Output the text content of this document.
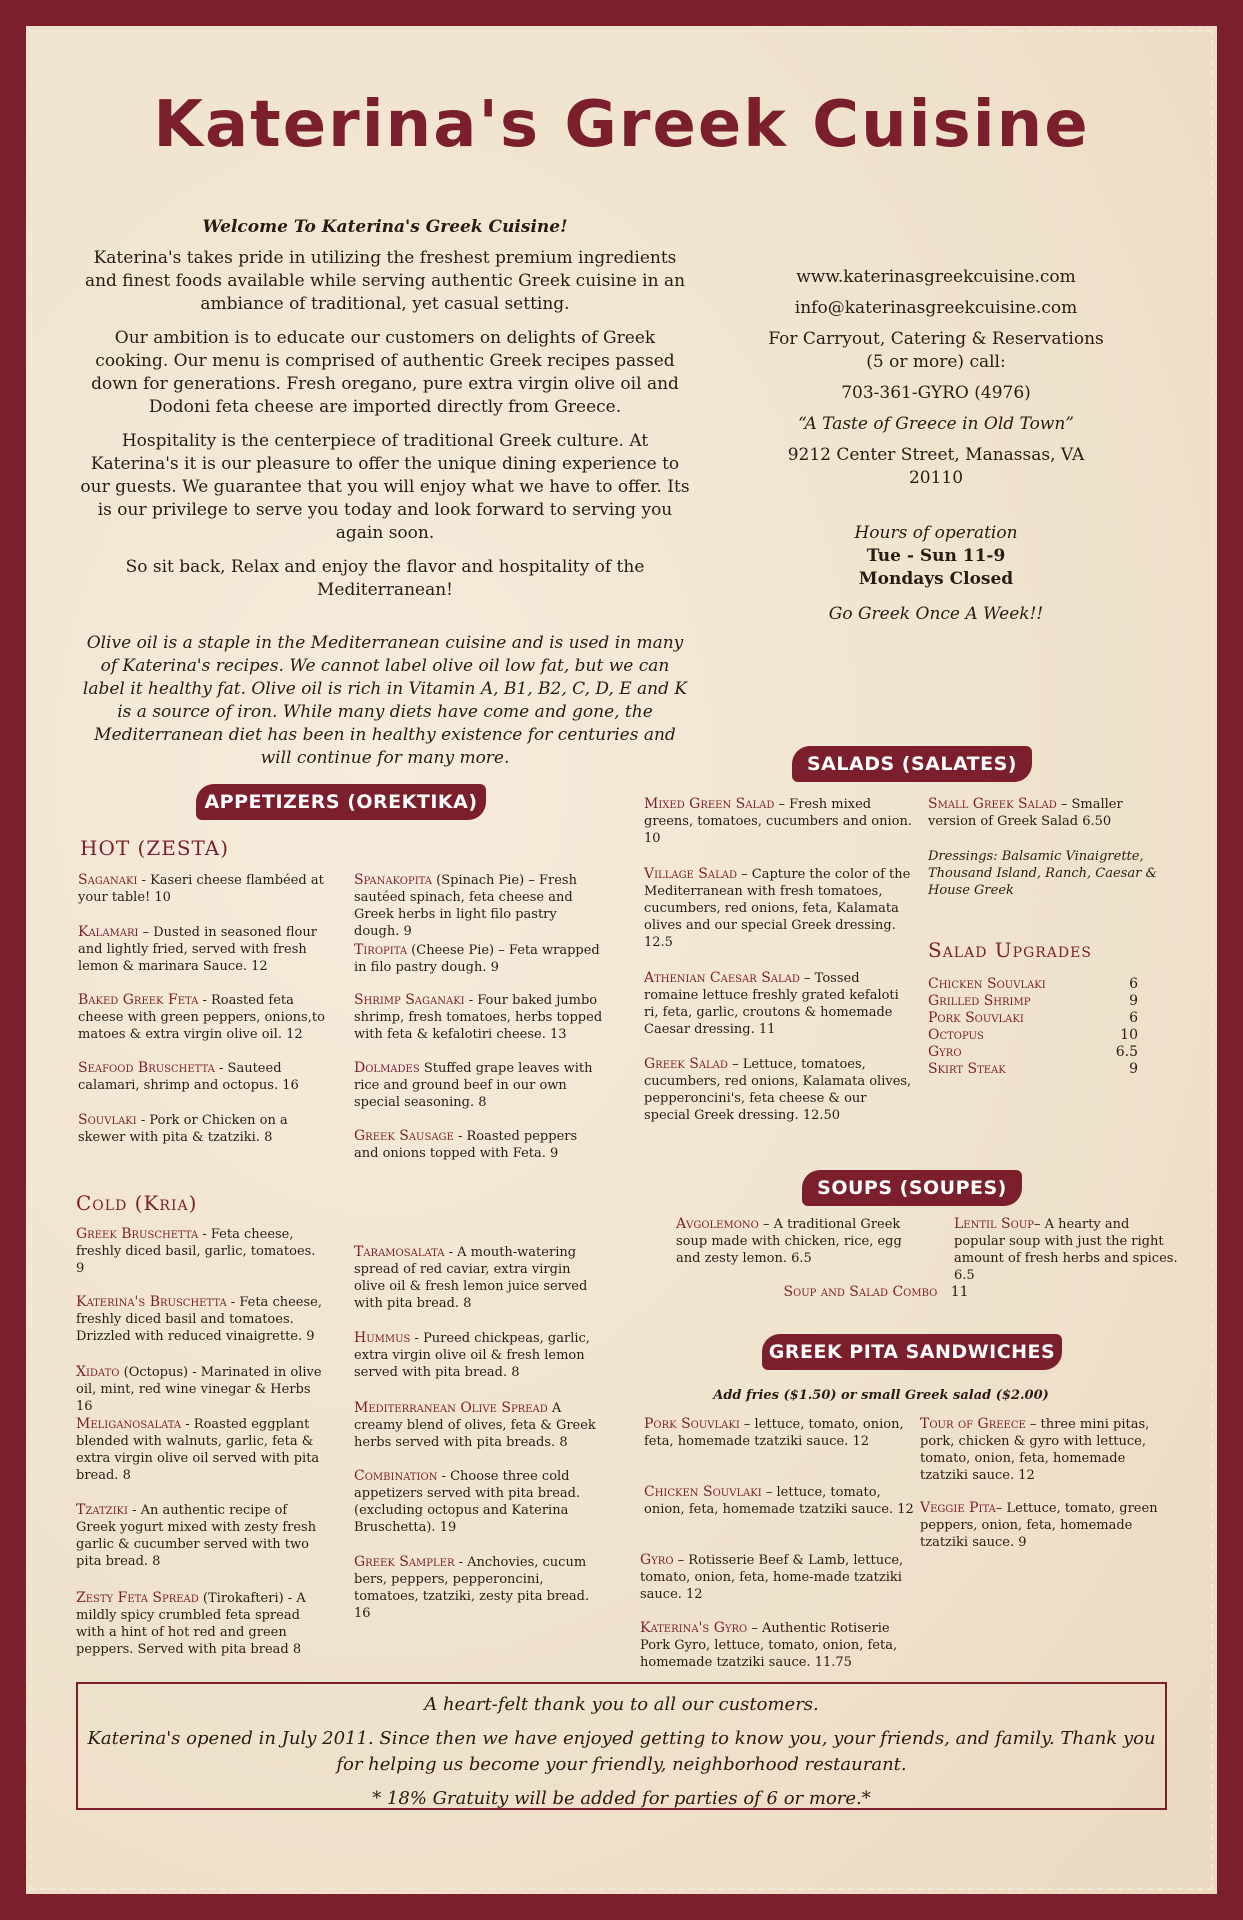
Katerina's Greek Cuisine
Welcome To Katerina's Greek Cuisine!

Katerina's takes pride in utilizing the freshest premium ingredients and finest foods available while serving authentic Greek cuisine in an ambiance of traditional, yet casual setting.

Our ambition is to educate our customers on delights of Greek cooking. Our menu is comprised of authentic Greek recipes passed down for generations. Fresh oregano, pure extra virgin olive oil and Dodoni feta cheese are imported directly from Greece.

Hospitality is the centerpiece of traditional Greek culture. At Katerina's it is our pleasure to offer the unique dining experience to our guests. We guarantee that you will enjoy what we have to offer. Its is our privilege to serve you today and look forward to serving you again soon.

So sit back, Relax and enjoy the flavor and hospitality of the Mediterranean!

Olive oil is a staple in the Mediterranean cuisine and is used in many of Katerina's recipes. We cannot label olive oil low fat, but we can label it healthy fat. Olive oil is rich in Vitamin A, B1, B2, C, D, E and K is a source of iron. While many diets have come and gone, the Mediterranean diet has been in healthy existence for centuries and will continue for many more.

www.katerinasgreekcuisine.com
info@katerinasgreekcuisine.com
For Carryout, Catering & Reservations (5 or more) call:
703-361-GYRO (4976)
“A Taste of Greece in Old Town”
9212 Center Street, Manassas, VA 20110
Hours of operation
Tue - Sun 11-9
Mondays Closed
Go Greek Once A Week!!
APPETIZERS (OREKTIKA)
SALADS (SALATES)
SOUPS (SOUPES)
GREEK PITA SANDWICHES
HOT (ZESTA)
Cold (Kria)
Salad Upgrades
Saganaki - Kaseri cheese flambéed at your table! 10
Kalamari – Dusted in seasoned flour and lightly fried, served with fresh lemon & marinara Sauce. 12
Baked Greek Feta - Roasted feta cheese with green peppers, onions,to matoes & extra virgin olive oil. 12
Seafood Bruschetta - Sauteed calamari, shrimp and octopus. 16
Souvlaki - Pork or Chicken on a skewer with pita & tzatziki. 8
Spanakopita (Spinach Pie) – Fresh sautéed spinach, feta cheese and Greek herbs in light filo pastry dough. 9
Tiropita (Cheese Pie) – Feta wrapped in filo pastry dough. 9
Shrimp Saganaki - Four baked jumbo shrimp, fresh tomatoes, herbs topped with feta & kefalotiri cheese. 13
Dolmades Stuffed grape leaves with rice and ground beef in our own special seasoning. 8
Greek Sausage - Roasted peppers and onions topped with Feta. 9
Greek Bruschetta - Feta cheese, freshly diced basil, garlic, tomatoes. 9
Katerina's Bruschetta - Feta cheese, freshly diced basil and tomatoes. Drizzled with reduced vinaigrette. 9
Xidato (Octopus) - Marinated in olive oil, mint, red wine vinegar & Herbs 16
Meliganosalata - Roasted eggplant blended with walnuts, garlic, feta & extra virgin olive oil served with pita bread. 8
Tzatziki - An authentic recipe of Greek yogurt mixed with zesty fresh garlic & cucumber served with two pita bread. 8
Zesty Feta Spread (Tirokafteri) - A mildly spicy crumbled feta spread with a hint of hot red and green peppers. Served with pita bread 8
Taramosalata - A mouth-watering spread of red caviar, extra virgin olive oil & fresh lemon juice served with pita bread. 8
Hummus - Pureed chickpeas, garlic, extra virgin olive oil & fresh lemon served with pita bread. 8
Mediterranean Olive Spread A creamy blend of olives, feta & Greek herbs served with pita breads. 8
Combination - Choose three cold appetizers served with pita bread. (excluding octopus and Katerina Bruschetta). 19
Greek Sampler - Anchovies, cucum bers, peppers, pepperoncini, tomatoes, tzatziki, zesty pita bread. 16
Mixed Green Salad – Fresh mixed greens, tomatoes, cucumbers and onion. 10
Village Salad – Capture the color of the Mediterranean with fresh tomatoes, cucumbers, red onions, feta, Kalamata olives and our special Greek dressing. 12.5
Athenian Caesar Salad – Tossed romaine lettuce freshly grated kefaloti ri, feta, garlic, croutons & homemade Caesar dressing. 11
Greek Salad – Lettuce, tomatoes, cucumbers, red onions, Kalamata olives, pepperoncini's, feta cheese & our special Greek dressing. 12.50
Small Greek Salad – Smaller version of Greek Salad 6.50
Dressings: Balsamic Vinaigrette, Thousand Island, Ranch, Caesar & House Greek
Chicken Souvlaki	6
Grilled Shrimp	9
Pork Souvlaki	6
Octopus	10
Gyro	6.5
Skirt Steak	9
Avgolemono – A traditional Greek soup made with chicken, rice, egg and zesty lemon. 6.5
Lentil Soup– A hearty and popular soup with just the right amount of fresh herbs and spices. 6.5
Soup and Salad Combo 11
Add fries ($1.50) or small Greek salad ($2.00)
Pork Souvlaki – lettuce, tomato, onion, feta, homemade tzatziki sauce. 12
Chicken Souvlaki – lettuce, tomato, onion, feta, homemade tzatziki sauce. 12
Gyro – Rotisserie Beef & Lamb, lettuce, tomato, onion, feta, home-made tzatziki sauce. 12
Katerina's Gyro – Authentic Rotiserie Pork Gyro, lettuce, tomato, onion, feta, homemade tzatziki sauce. 11.75
Tour of Greece – three mini pitas, pork, chicken & gyro with lettuce, tomato, onion, feta, homemade tzatziki sauce. 12
Veggie Pita– Lettuce, tomato, green peppers, onion, feta, homemade tzatziki sauce. 9

A heart-felt thank you to all our customers.

Katerina's opened in July 2011. Since then we have enjoyed getting to know you, your friends, and family. Thank you for helping us become your friendly, neighborhood restaurant.

* 18% Gratuity will be added for parties of 6 or more.*
